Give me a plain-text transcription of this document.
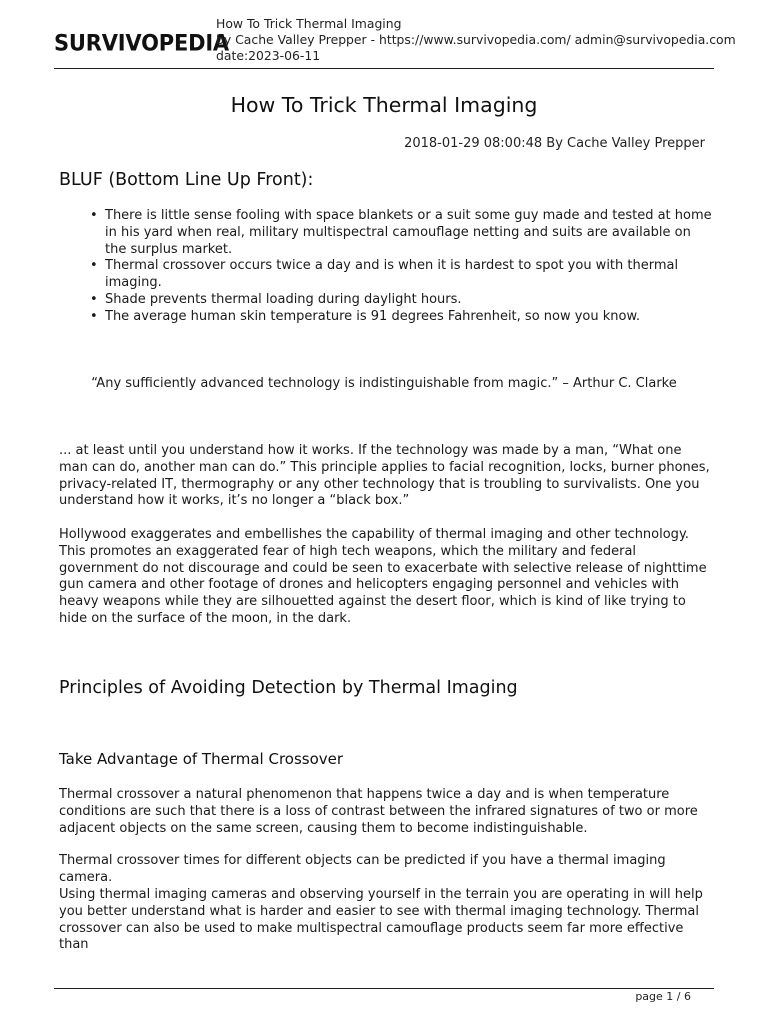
SURVIVOPEDIA
How To Trick Thermal Imaging
by Cache Valley Prepper - https://www.survivopedia.com/ admin@survivopedia.com
date:2023-06-11
How To Trick Thermal Imaging
2018-01-29 08:00:48 By Cache Valley Prepper
BLUF (Bottom Line Up Front):
• There is little sense fooling with space blankets or a suit some guy made and tested at home in his yard when real, military multispectral camouflage netting and suits are available on the surplus market.
• Thermal crossover occurs twice a day and is when it is hardest to spot you with thermal imaging.
• Shade prevents thermal loading during daylight hours.
• The average human skin temperature is 91 degrees Fahrenheit, so now you know.
“Any sufficiently advanced technology is indistinguishable from magic.” – Arthur C. Clarke

... at least until you understand how it works. If the technology was made by a man, “What one man can do, another man can do.” This principle applies to facial recognition, locks, burner phones, privacy-related IT, thermography or any other technology that is troubling to survivalists. One you understand how it works, it’s no longer a “black box.”

Hollywood exaggerates and embellishes the capability of thermal imaging and other technology. This promotes an exaggerated fear of high tech weapons, which the military and federal government do not discourage and could be seen to exacerbate with selective release of nighttime gun camera and other footage of drones and helicopters engaging personnel and vehicles with heavy weapons while they are silhouetted against the desert floor, which is kind of like trying to hide on the surface of the moon, in the dark.

Principles of Avoiding Detection by Thermal Imaging
Take Advantage of Thermal Crossover

Thermal crossover a natural phenomenon that happens twice a day and is when temperature conditions are such that there is a loss of contrast between the infrared signatures of two or more adjacent objects on the same screen, causing them to become indistinguishable.

Thermal crossover times for different objects can be predicted if you have a thermal imaging camera.

Using thermal imaging cameras and observing yourself in the terrain you are operating in will help you better understand what is harder and easier to see with thermal imaging technology. Thermal crossover can also be used to make multispectral camouflage products seem far more effective than

page 1 / 6
